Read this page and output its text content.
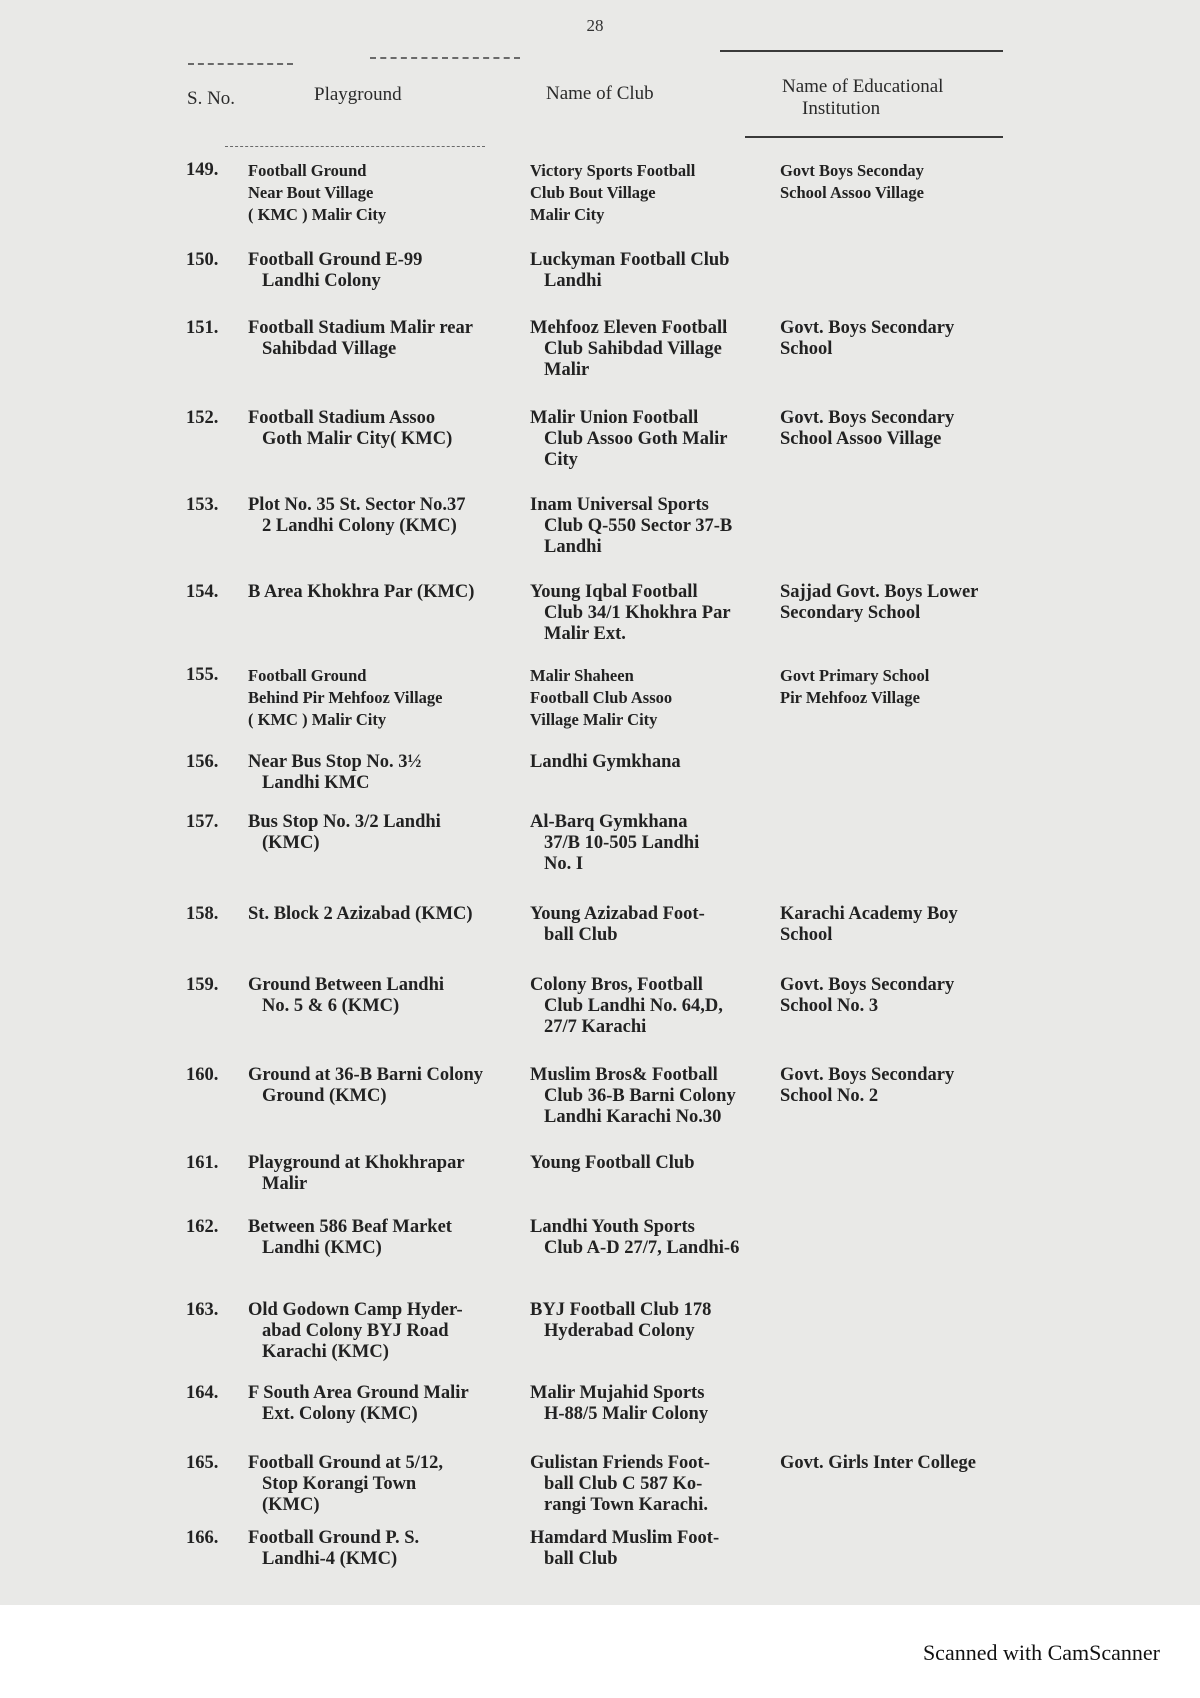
28
S. No.	Playground	Name of Club	Name of Educational
Institution
149.	Football Ground
Near Bout Village
( KMC ) Malir City	Victory Sports Football
Club Bout Village
Malir City	Govt Boys Seconday
School Assoo Village

150.	Football Ground E-99
Landhi Colony	Luckyman Football Club
Landhi	

151.	Football Stadium Malir rear
Sahibdad Village	Mehfooz Eleven Football
Club Sahibdad Village
Malir	Govt. Boys Secondary
School

152.	Football Stadium Assoo
Goth Malir City( KMC)	Malir Union Football
Club Assoo Goth Malir
City	Govt. Boys Secondary
School Assoo Village

153.	Plot No. 35 St. Sector No.37
2 Landhi Colony (KMC)	Inam Universal Sports
Club Q-550 Sector 37-B
Landhi	

154.	B Area Khokhra Par (KMC)	Young Iqbal Football
Club 34/1 Khokhra Par
Malir Ext.	Sajjad Govt. Boys Lower
Secondary School

155.	Football Ground
Behind Pir Mehfooz Village
( KMC ) Malir City	Malir Shaheen
Football Club Assoo
Village Malir City	Govt Primary School
Pir Mehfooz Village

156.	Near Bus Stop No. 3½
Landhi KMC	Landhi Gymkhana	

157.	Bus Stop No. 3/2 Landhi
(KMC)	Al-Barq Gymkhana
37/B 10-505 Landhi
No. I	

158.	St. Block 2 Azizabad (KMC)	Young Azizabad Foot-
ball Club	Karachi Academy Boy
School

159.	Ground Between Landhi
No. 5 & 6 (KMC)	Colony Bros, Football
Club Landhi No. 64,D,
27/7 Karachi	Govt. Boys Secondary
School No. 3

160.	Ground at 36-B Barni Colony
Ground (KMC)	Muslim Bros& Football
Club 36-B Barni Colony
Landhi Karachi No.30	Govt. Boys Secondary
School No. 2

161.	Playground at Khokhrapar
Malir	Young Football Club	

162.	Between 586 Beaf Market
Landhi (KMC)	Landhi Youth Sports
Club A-D 27/7, Landhi-6	

163.	Old Godown Camp Hyder-
abad Colony BYJ Road
Karachi (KMC)	BYJ Football Club 178
Hyderabad Colony	

164.	F South Area Ground Malir
Ext. Colony (KMC)	Malir Mujahid Sports
H-88/5 Malir Colony	

165.	Football Ground at 5/12,
Stop Korangi Town
(KMC)	Gulistan Friends Foot-
ball Club C 587 Ko-
rangi Town Karachi.	Govt. Girls Inter College

166.	Football Ground P. S.
Landhi-4 (KMC)	Hamdard Muslim Foot-
ball Club	

Scanned with CamScanner
